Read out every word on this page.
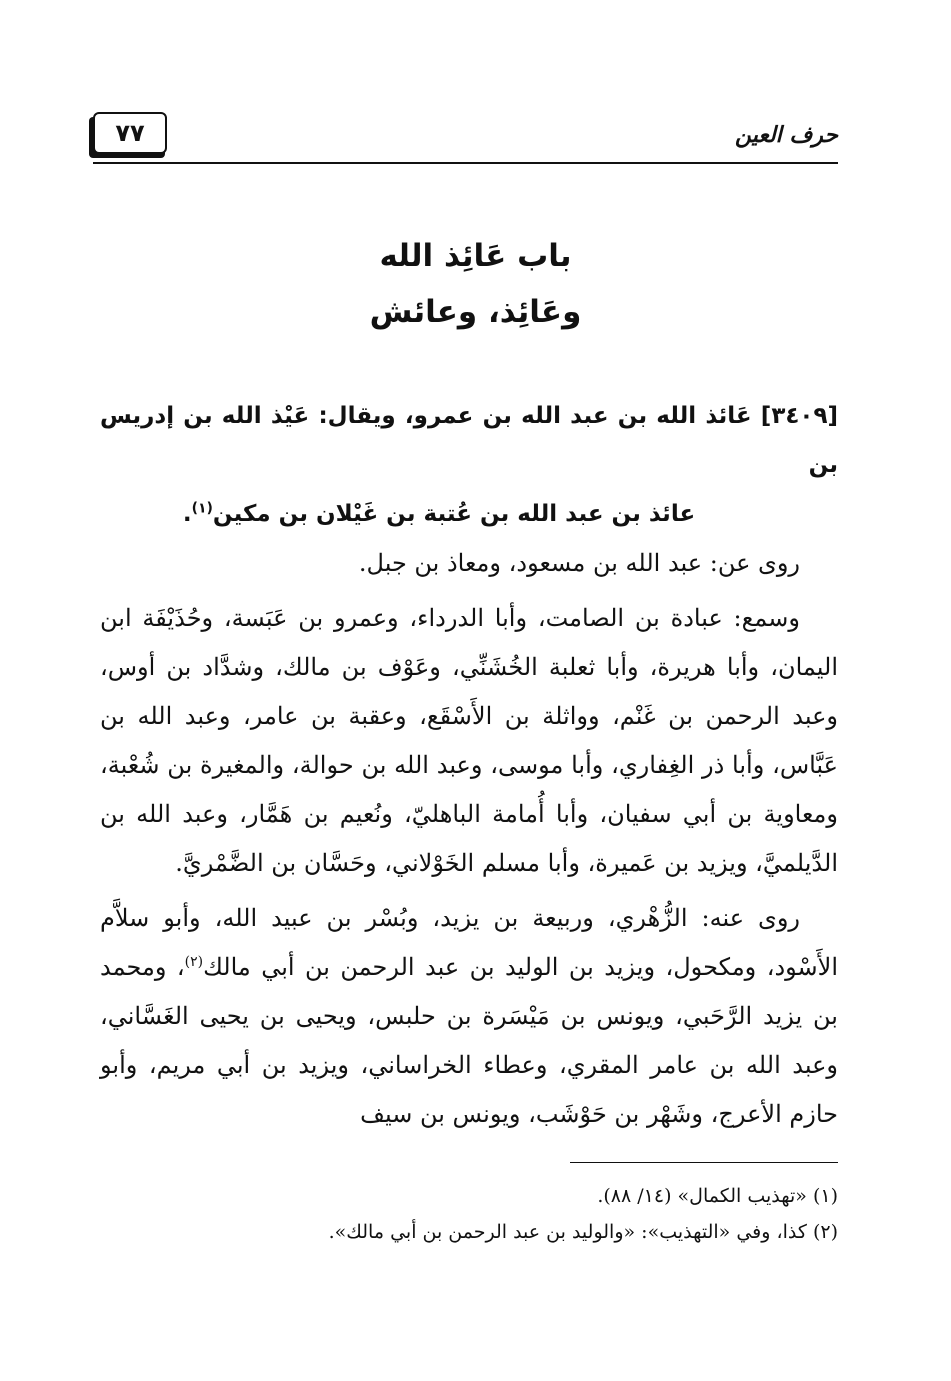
٧٧	حرف العين
باب عَائِذ الله
وعَائِذ، وعائش

[٣٤٠٩] عَائذ الله بن عبد الله بن عمرو، ويقال: عَيْذ الله بن إدريس بن
عائذ بن عبد الله بن عُتبة بن غَيْلان بن مكين$^{(١)}$.

روى عن: عبد الله بن مسعود، ومعاذ بن جبل.

وسمع: عبادة بن الصامت، وأبا الدرداء، وعمرو بن عَبَسة، وحُذَيْفَة ابن اليمان، وأبا هريرة، وأبا ثعلبة الخُشَنِّي، وعَوْف بن مالك، وشدَّاد بن أوس، وعبد الرحمن بن غَنْم، وواثلة بن الأَسْقَع، وعقبة بن عامر، وعبد الله بن عَبَّاس، وأبا ذر الغِفاري، وأبا موسى، وعبد الله بن حوالة، والمغيرة بن شُعْبة، ومعاوية بن أبي سفيان، وأبا أُمامة الباهليّ، ونُعيم بن هَمَّار، وعبد الله بن الدَّيلميَّ، ويزيد بن عَميرة، وأبا مسلم الخَوْلاني، وحَسَّان بن الضَّمْريَّ.

روى عنه: الزُّهْري، وربيعة بن يزيد، وبُسْر بن عبيد الله، وأبو سلاَّم الأَسْود، ومكحول، ويزيد بن الوليد بن عبد الرحمن بن أبي مالك$^{(٢)}$، ومحمد بن يزيد الرَّحَبي، ويونس بن مَيْسَرة بن حلبس، ويحيى بن يحيى الغَسَّاني، وعبد الله بن عامر المقري، وعطاء الخراساني، ويزيد بن أبي مريم، وأبو حازم الأعرج، وشَهْر بن حَوْشَب، ويونس بن سيف

(١) «تهذيب الكمال» (١٤/ ٨٨).

(٢) كذا، وفي «التهذيب»: «والوليد بن عبد الرحمن بن أبي مالك».
